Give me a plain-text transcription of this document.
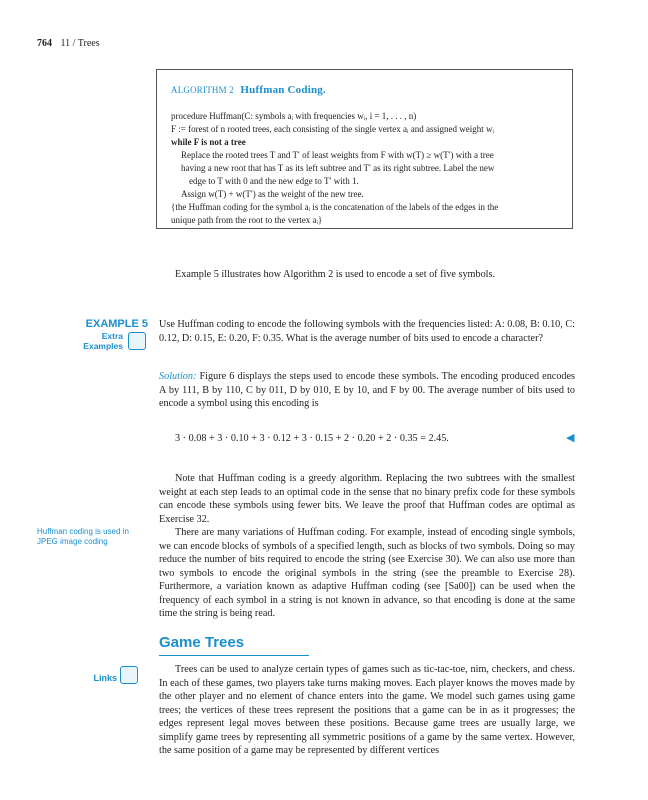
764 11 / Trees
ALGORITHM 2 Huffman Coding.
procedure Huffman(C: symbols aᵢ with frequencies wᵢ, i = 1, . . . , n)
F := forest of n rooted trees, each consisting of the single vertex aᵢ and assigned weight wᵢ
while F is not a tree
Replace the rooted trees T and T′ of least weights from F with w(T) ≥ w(T′) with a tree
having a new root that has T as its left subtree and T′ as its right subtree. Label the new
edge to T with 0 and the new edge to T′ with 1.
Assign w(T) + w(T′) as the weight of the new tree.
{the Huffman coding for the symbol aᵢ is the concatenation of the labels of the edges in the
unique path from the root to the vertex aᵢ}

Example 5 illustrates how Algorithm 2 is used to encode a set of five symbols.

EXAMPLE 5
Extra Examples

Use Huffman coding to encode the following symbols with the frequencies listed: A: 0.08, B: 0.10, C: 0.12, D: 0.15, E: 0.20, F: 0.35. What is the average number of bits used to encode a character?

Solution: Figure 6 displays the steps used to encode these symbols. The encoding produced encodes A by 111, B by 110, C by 011, D by 010, E by 10, and F by 00. The average number of bits used to encode a symbol using this encoding is

3 · 0.08 + 3 · 0.10 + 3 · 0.12 + 3 · 0.15 + 2 · 0.20 + 2 · 0.35 = 2.45.	◀

Note that Huffman coding is a greedy algorithm. Replacing the two subtrees with the smallest weight at each step leads to an optimal code in the sense that no binary prefix code for these symbols can encode these symbols using fewer bits. We leave the proof that Huffman codes are optimal as Exercise 32.

There are many variations of Huffman coding. For example, instead of encoding single symbols, we can encode blocks of symbols of a specified length, such as blocks of two symbols. Doing so may reduce the number of bits required to encode the string (see Exercise 30). We can also use more than two symbols to encode the original symbols in the string (see the preamble to Exercise 28). Furthermore, a variation known as adaptive Huffman coding (see [Sa00]) can be used when the frequency of each symbol in a string is not known in advance, so that encoding is done at the same time the string is being read.

Huffman coding is used in JPEG image coding
Game Trees
Links

Trees can be used to analyze certain types of games such as tic-tac-toe, nim, checkers, and chess. In each of these games, two players take turns making moves. Each player knows the moves made by the other player and no element of chance enters into the game. We model such games using game trees; the vertices of these trees represent the positions that a game can be in as it progresses; the edges represent legal moves between these positions. Because game trees are usually large, we simplify game trees by representing all symmetric positions of a game by the same vertex. However, the same position of a game may be represented by different vertices
